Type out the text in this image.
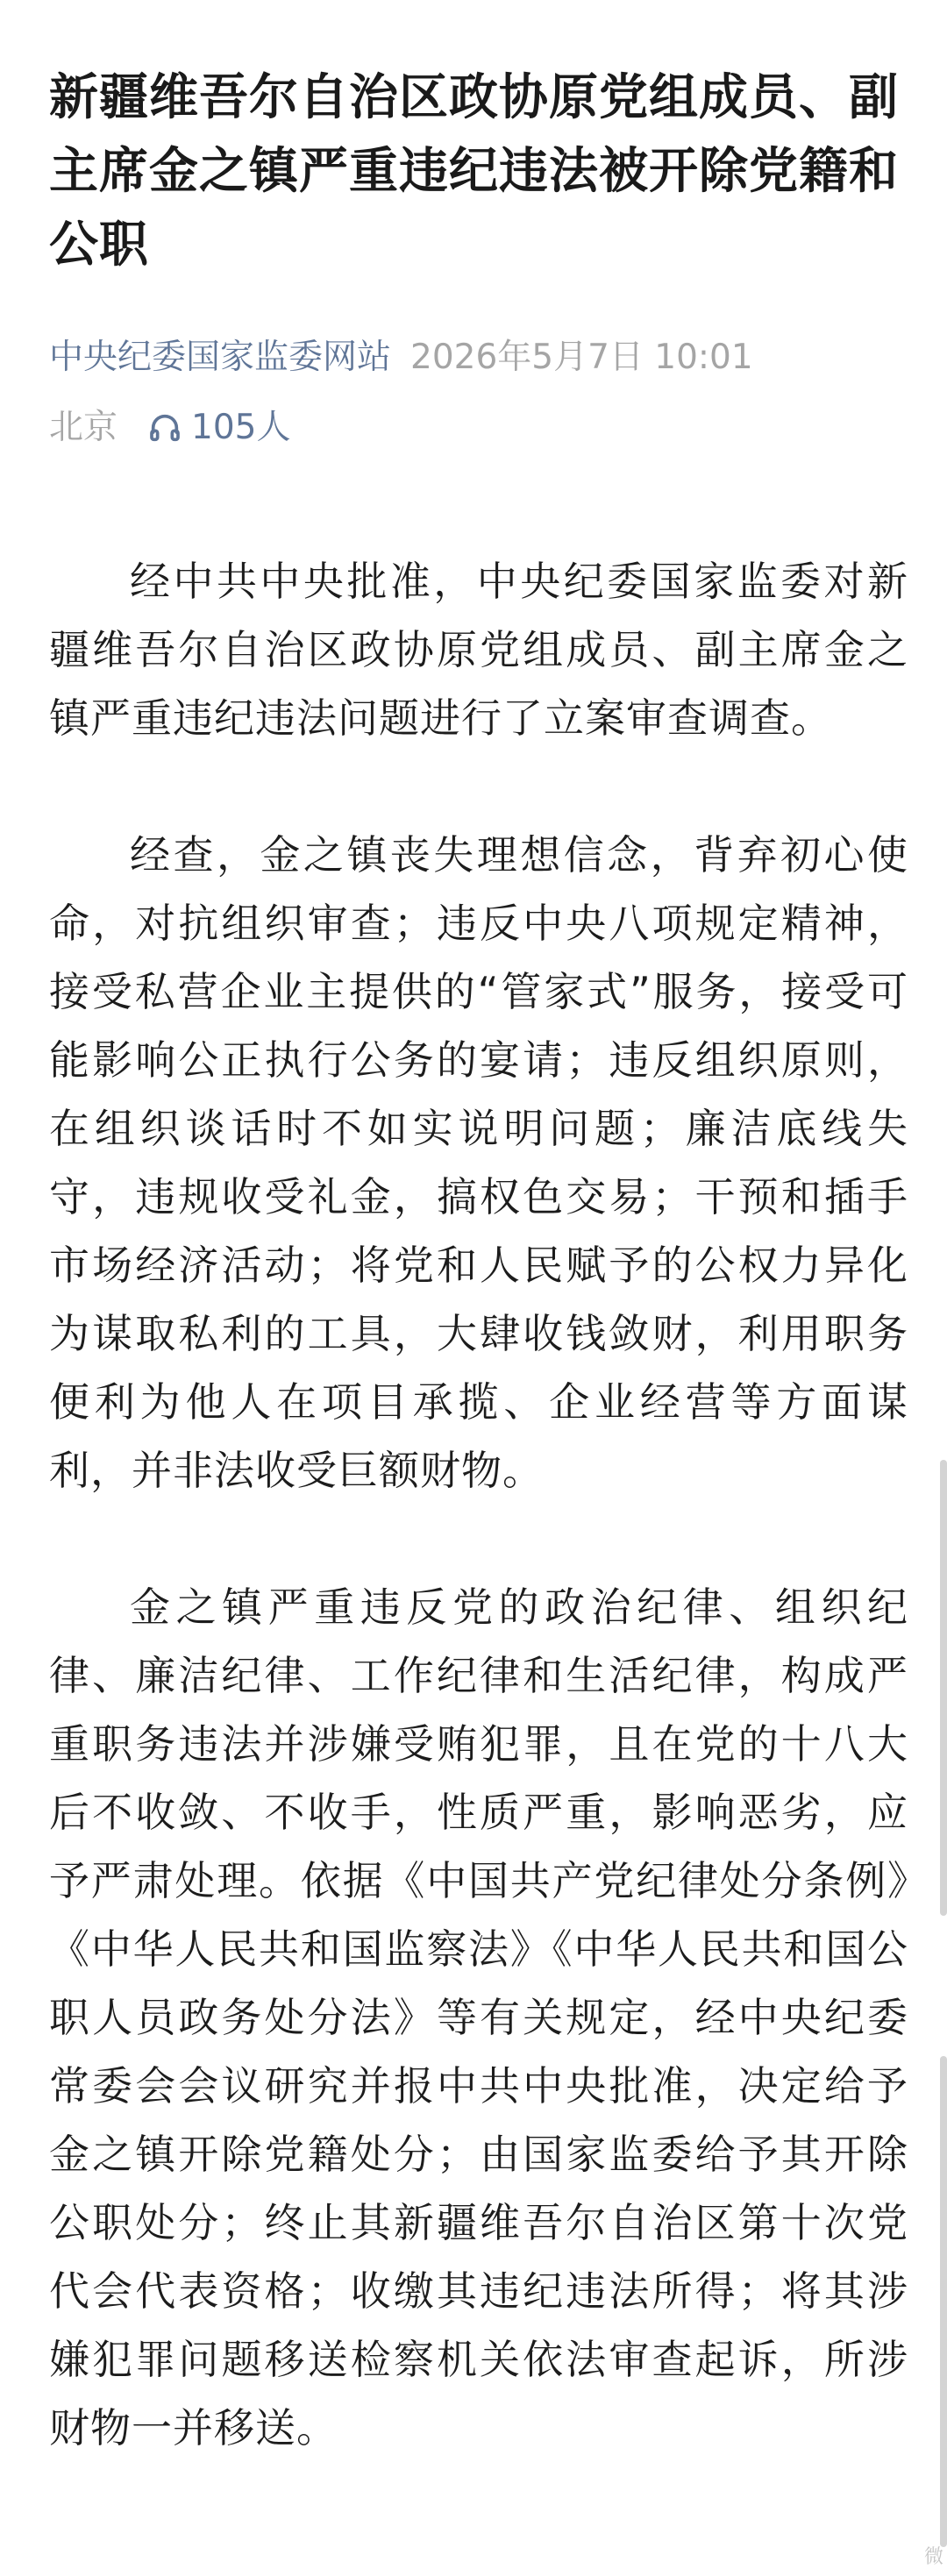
新疆维吾尔自治区政协原党组成员、副主席金之镇严重违纪违法被开除党籍和公职
中央纪委国家监委网站 2026年5月7日 10:01
北京 105人

经中共中央批准，中央纪委国家监委对新疆维吾尔自治区政协原党组成员、副主席金之镇严重违纪违法问题进行了立案审查调查。

经查，金之镇丧失理想信念，背弃初心使命，对抗组织审查；违反中央八项规定精神，接受私营企业主提供的“管家式”服务，接受可能影响公正执行公务的宴请；违反组织原则，在组织谈话时不如实说明问题；廉洁底线失守，违规收受礼金，搞权色交易；干预和插手市场经济活动；将党和人民赋予的公权力异化为谋取私利的工具，大肆收钱敛财，利用职务便利为他人在项目承揽、企业经营等方面谋利，并非法收受巨额财物。

金之镇严重违反党的政治纪律、组织纪律、廉洁纪律、工作纪律和生活纪律，构成严重职务违法并涉嫌受贿犯罪，且在党的十八大后不收敛、不收手，性质严重，影响恶劣，应予严肃处理。依据《中国共产党纪律处分条例》《中华人民共和国监察法》《中华人民共和国公职人员政务处分法》等有关规定，经中央纪委常委会会议研究并报中共中央批准，决定给予金之镇开除党籍处分；由国家监委给予其开除公职处分；终止其新疆维吾尔自治区第十次党代会代表资格；收缴其违纪违法所得；将其涉嫌犯罪问题移送检察机关依法审查起诉，所涉财物一并移送。

微
